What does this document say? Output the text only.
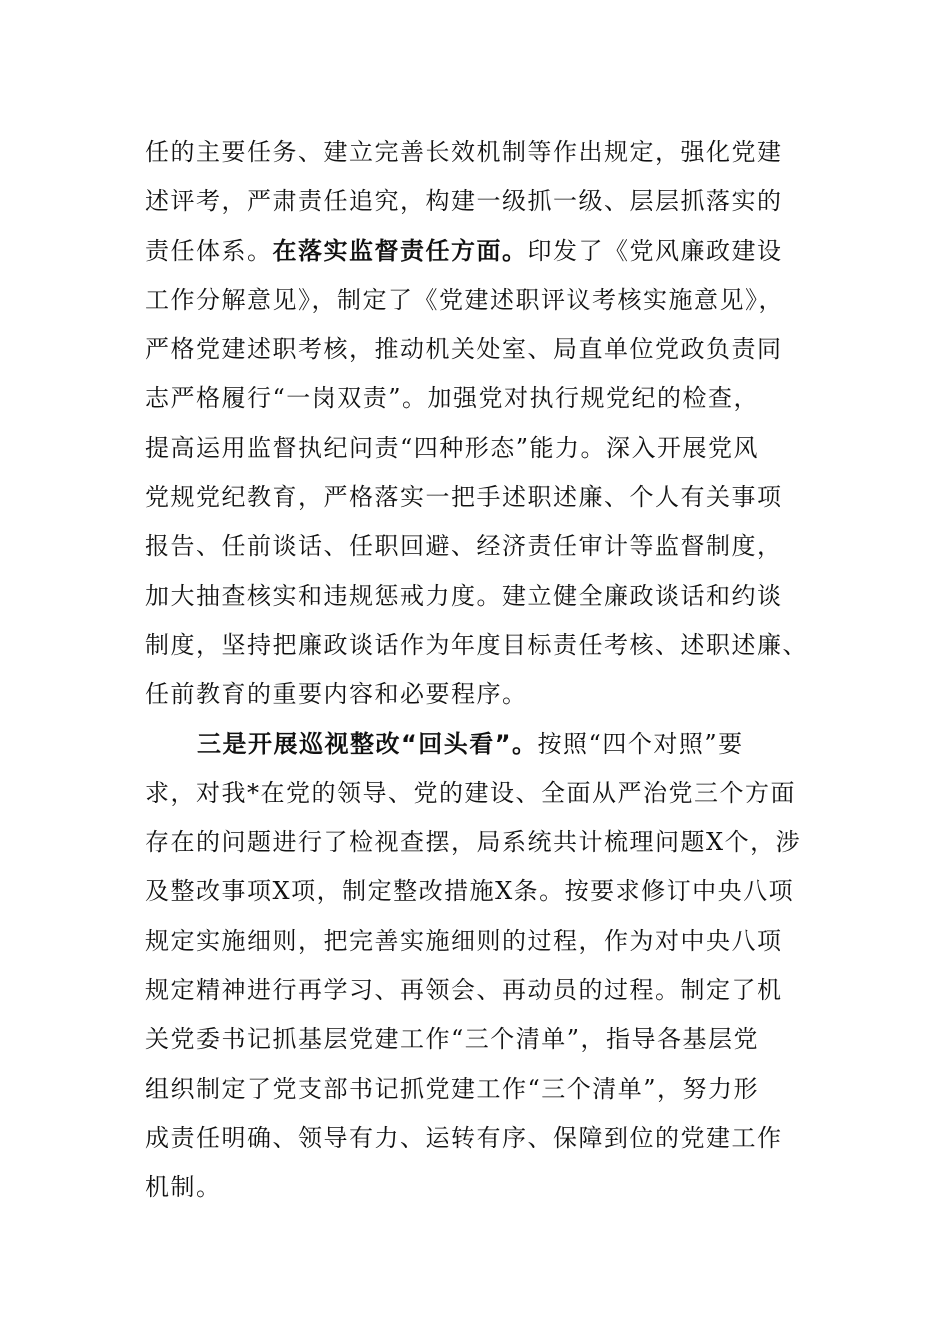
任的主要任务、建立完善长效机制等作出规定，强化党建
述评考，严肃责任追究，构建一级抓一级、层层抓落实的
责任体系。在落实监督责任方面。印发了《党风廉政建设
工作分解意见》，制定了《党建述职评议考核实施意见》，
严格党建述职考核，推动机关处室、局直单位党政负责同
志严格履行“一岗双责”。加强党对执行规党纪的检查，
提高运用监督执纪问责“四种形态”能力。深入开展党风
党规党纪教育，严格落实一把手述职述廉、个人有关事项
报告、任前谈话、任职回避、经济责任审计等监督制度，
加大抽查核实和违规惩戒力度。建立健全廉政谈话和约谈
制度，坚持把廉政谈话作为年度目标责任考核、述职述廉、
任前教育的重要内容和必要程序。
三是开展巡视整改“回头看”。按照“四个对照”要
求，对我*在党的领导、党的建设、全面从严治党三个方面
存在的问题进行了检视查摆，局系统共计梳理问题X个，涉
及整改事项X项，制定整改措施X条。按要求修订中央八项
规定实施细则，把完善实施细则的过程，作为对中央八项
规定精神进行再学习、再领会、再动员的过程。制定了机
关党委书记抓基层党建工作“三个清单”，指导各基层党
组织制定了党支部书记抓党建工作“三个清单”，努力形
成责任明确、领导有力、运转有序、保障到位的党建工作
机制。
